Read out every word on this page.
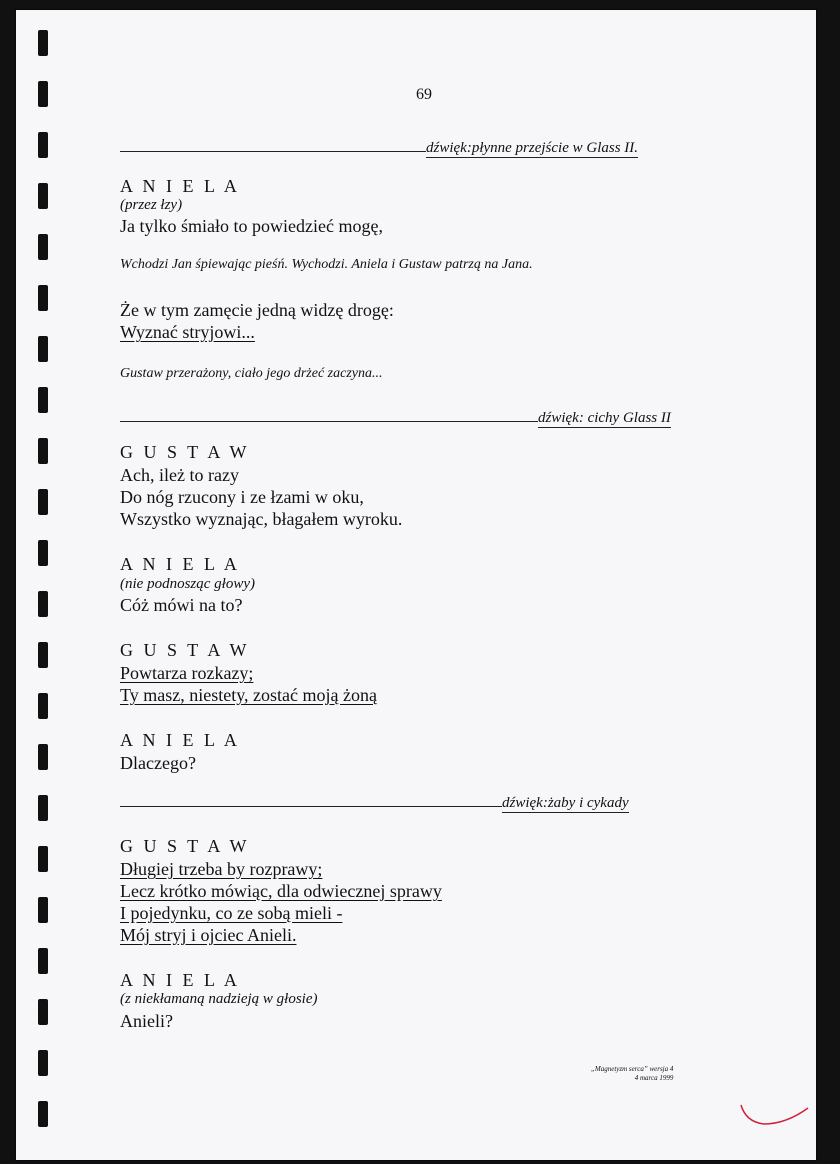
69
dźwięk:płynne przejście w Glass II.
A N I E L A
(przez łzy)
Ja tylko śmiało to powiedzieć mogę,
Wchodzi Jan śpiewając pieśń. Wychodzi. Aniela i Gustaw patrzą na Jana.
Że w tym zamęcie jedną widzę drogę:
Wyznać stryjowi...
Gustaw przerażony, ciało jego drżeć zaczyna...
dźwięk: cichy Glass II
G U S T A W
Ach, ileż to razy
Do nóg rzucony i ze łzami w oku,
Wszystko wyznając, błagałem wyroku.
A N I E L A
(nie podnosząc głowy)
Cóż mówi na to?
G U S T A W
Powtarza rozkazy;
Ty masz, niestety, zostać moją żoną
A N I E L A
Dlaczego?
dźwięk:żaby i cykady
G U S T A W
Długiej trzeba by rozprawy;
Lecz krótko mówiąc, dla odwiecznej sprawy
I pojedynku, co ze sobą mieli -
Mój stryj i ojciec Anieli.
A N I E L A
(z niekłamaną nadzieją w głosie)
Anieli?
„Magnetyzm serca” wersja 4
4 marca 1999
